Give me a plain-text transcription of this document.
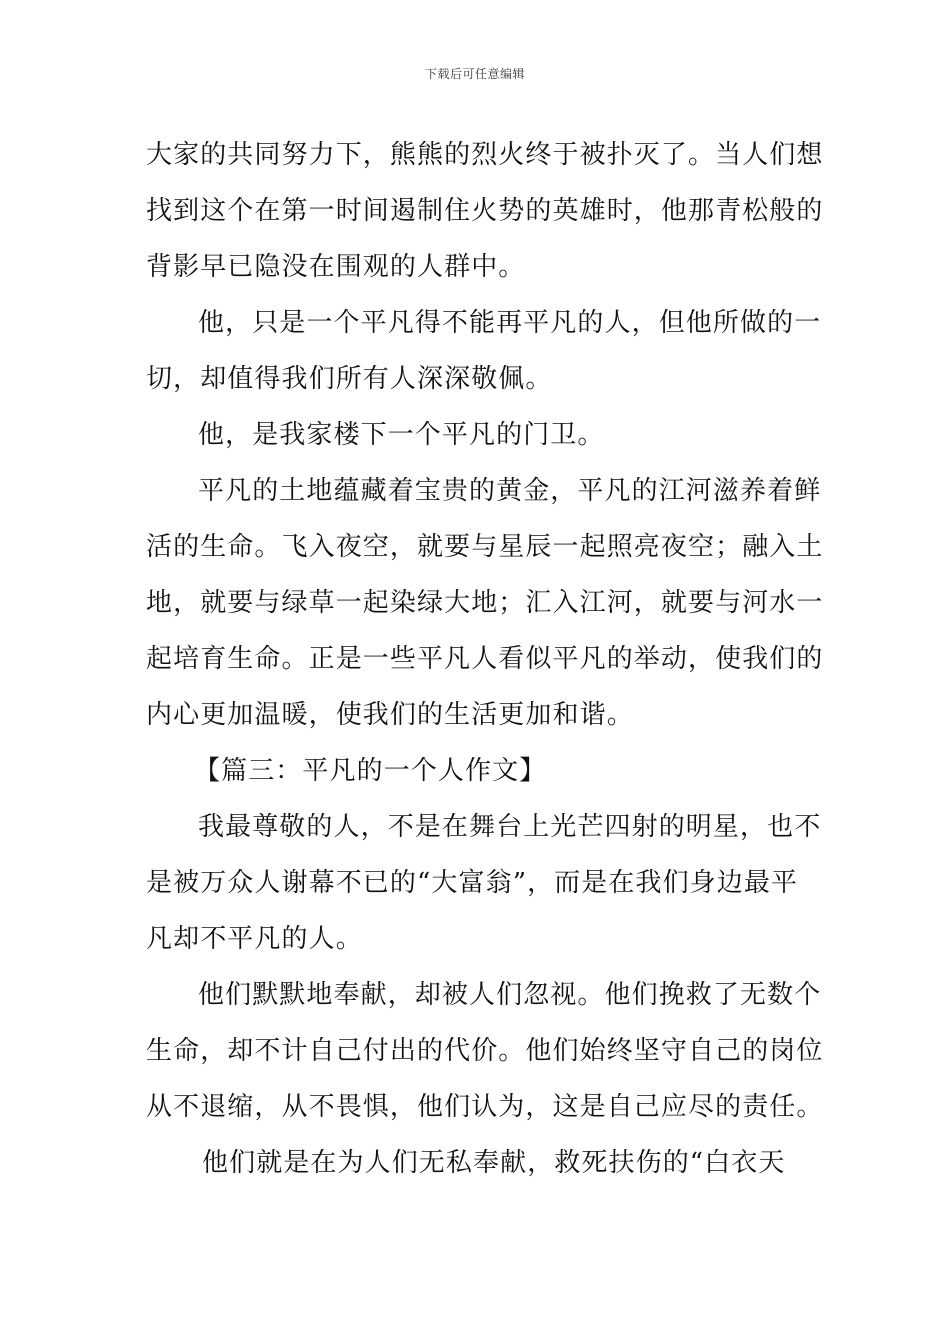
下载后可任意编辑
大家的共同努力下，熊熊的烈火终于被扑灭了。当人们想
找到这个在第一时间遏制住火势的英雄时，他那青松般的
背影早已隐没在围观的人群中。
他，只是一个平凡得不能再平凡的人，但他所做的一
切，却值得我们所有人深深敬佩。
他，是我家楼下一个平凡的门卫。
平凡的土地蕴藏着宝贵的黄金，平凡的江河滋养着鲜
活的生命。飞入夜空，就要与星辰一起照亮夜空；融入土
地，就要与绿草一起染绿大地；汇入江河，就要与河水一
起培育生命。正是一些平凡人看似平凡的举动，使我们的
内心更加温暖，使我们的生活更加和谐。
【篇三：平凡的一个人作文】
我最尊敬的人，不是在舞台上光芒四射的明星，也不
是被万众人谢幕不已的“大富翁”，而是在我们身边最平
凡却不平凡的人。
他们默默地奉献，却被人们忽视。他们挽救了无数个
生命，却不计自己付出的代价。他们始终坚守自己的岗位
从不退缩，从不畏惧，他们认为，这是自己应尽的责任。
他们就是在为人们无私奉献，救死扶伤的“白衣天
